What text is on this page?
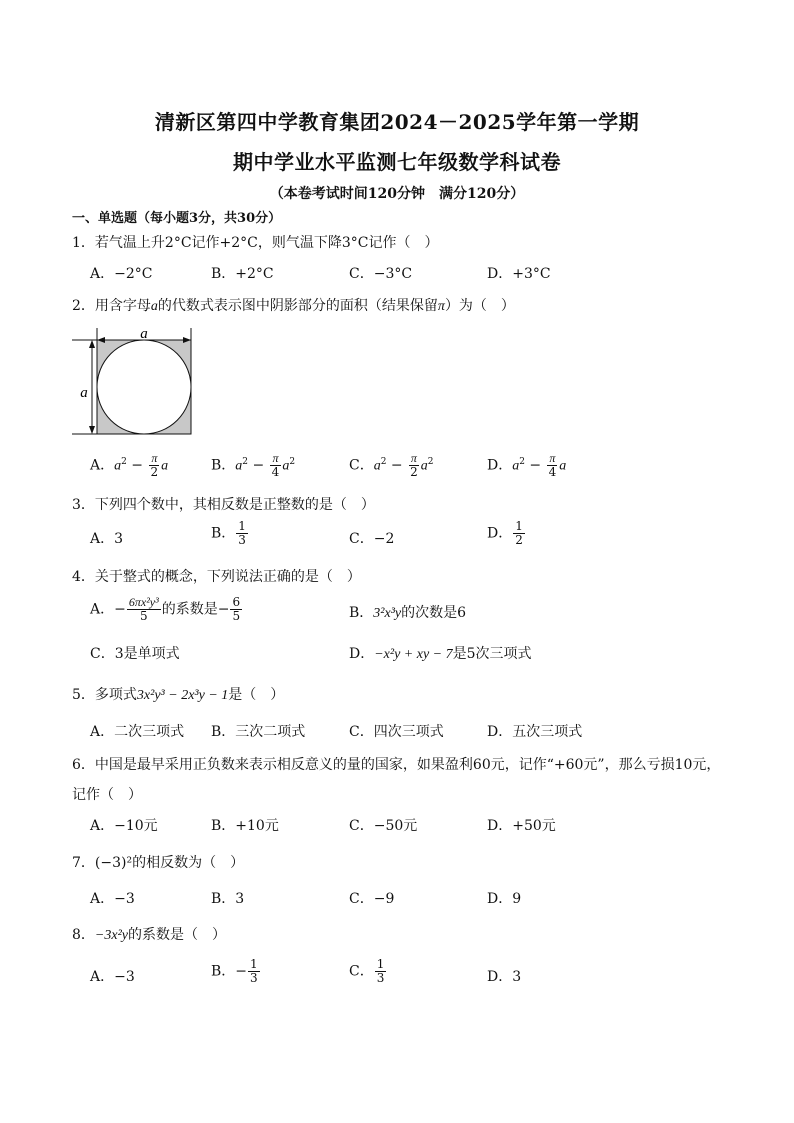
清新区第四中学教育集团2024－2025学年第一学期
期中学业水平监测七年级数学科试卷
（本卷考试时间120分钟　满分120分）
一、单选题（每小题3分，共30分）
1．若气温上升2°C记作+2°C，则气温下降3°C记作（　）
A．−2°C	B．+2°C	C．−3°C	D．+3°C
2．用含字母a的代数式表示图中阴影部分的面积（结果保留π）为（　）
a
a
A．$a^2 - \frac{\pi}{2}$ a	B．$a^2 - \frac{\pi}{4} a^2$	C．$a^2 - \frac{\pi}{2} a^2$	D．$a^2 - \frac{\pi}{4}$ a
3．下列四个数中，其相反数是正整数的是（　）
A．3	B． $\frac{1}{3}$	C．−2	D． $\frac{1}{2}$
4．关于整式的概念，下列说法正确的是（　）
A．− $\frac{\text{6πx²y³}}{5}$ 的系数是− $\frac{6}{5}$	B．3²x³y的次数是6
C．3是单项式	D．−x²y + xy − 7是5次三项式
5．多项式3x²y³ − 2x³y − 1是（　）
A．二次三项式 B．三次二项式	C．四次三项式	D．五次三项式
6．中国是最早采用正负数来表示相反意义的量的国家，如果盈利60元，记作“+60元”，那么亏损10元，
记作（　）
A．−10元	B．+10元	C．−50元	D．+50元
7．(−3)²的相反数为（　）
A．−3	B．3	C．−9	D．9
8．−3x²y的系数是（　）
A．−3	B．− $\frac{1}{3}$	C． $\frac{1}{3}$	D．3
